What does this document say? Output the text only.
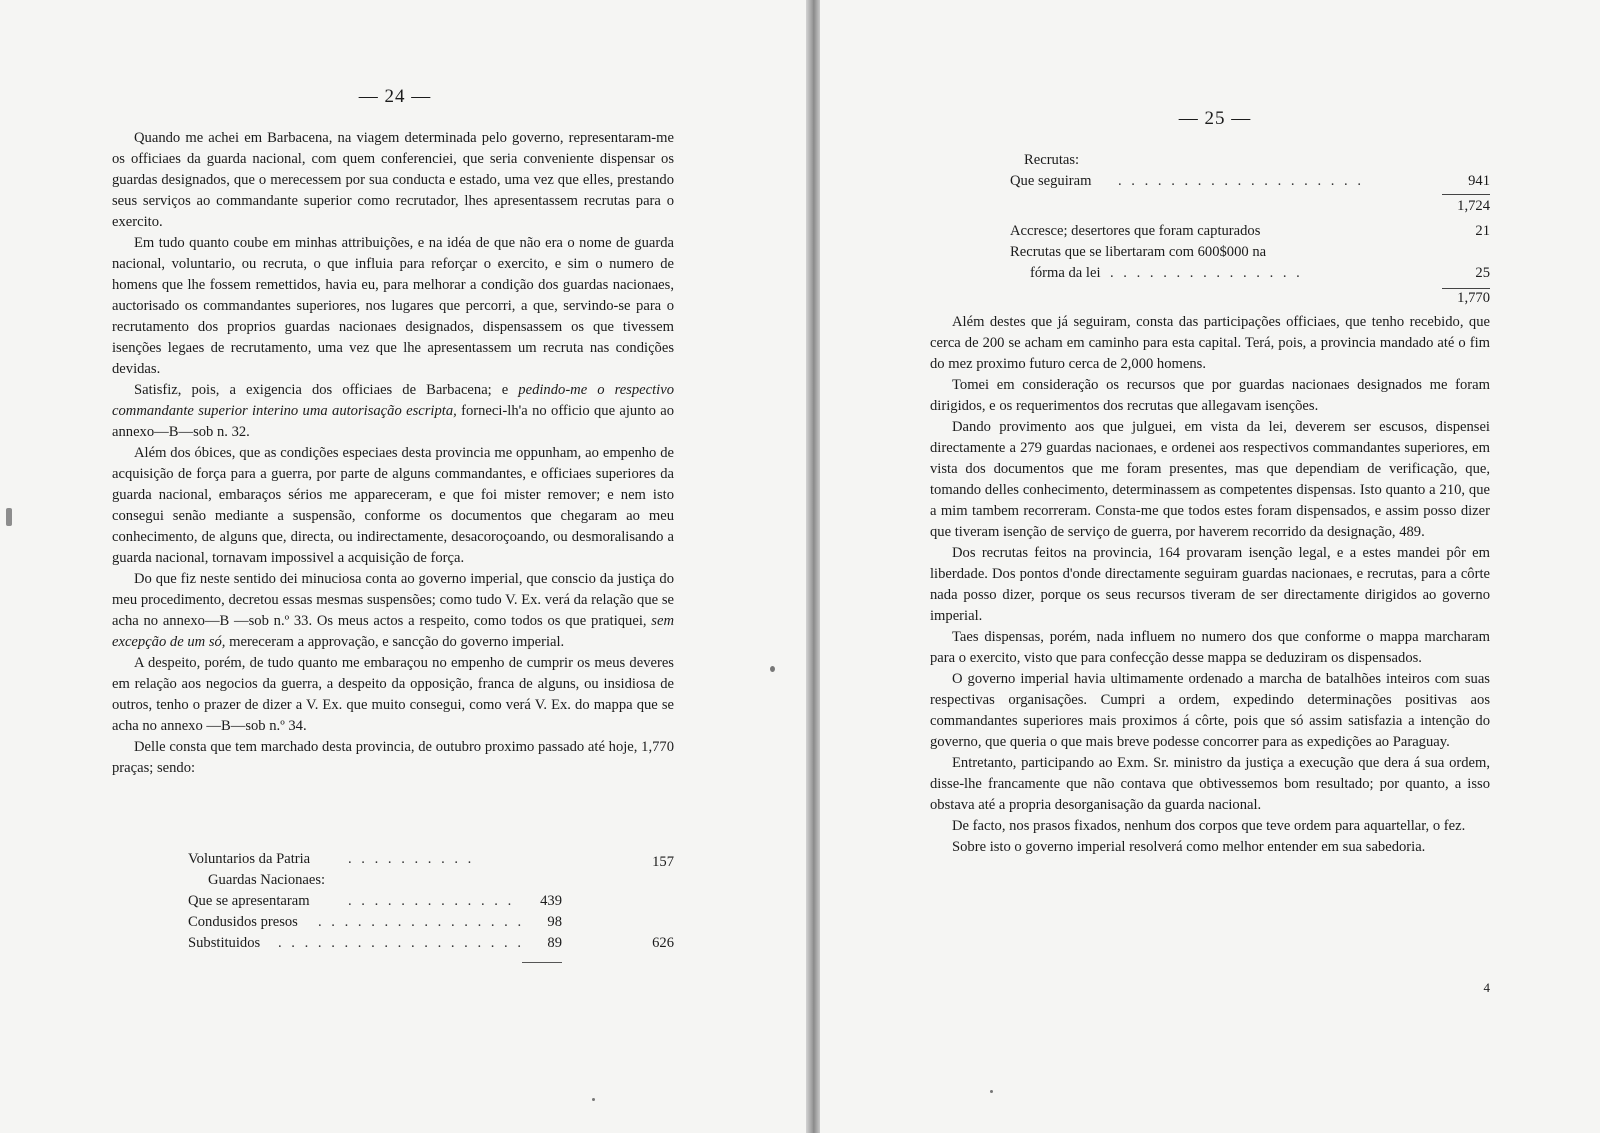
— 24 —

Quando me achei em Barbacena, na viagem determinada pelo governo, representaram-me os officiaes da guarda nacional, com quem conferenciei, que seria conveniente dispensar os guardas designados, que o merecessem por sua conducta e estado, uma vez que elles, prestando seus serviços ao commandante superior como recrutador, lhes apresentassem recrutas para o exercito.

Em tudo quanto coube em minhas attribuições, e na idéa de que não era o nome de guarda nacional, voluntario, ou recruta, o que influia para reforçar o exercito, e sim o numero de homens que lhe fossem remettidos, havia eu, para melhorar a condição dos guardas nacionaes, auctorisado os commandantes superiores, nos lugares que percorri, a que, servindo-se para o recrutamento dos proprios guardas nacionaes designados, dispensassem os que tivessem isenções legaes de recrutamento, uma vez que lhe apresentassem um recruta nas condições devidas.

Satisfiz, pois, a exigencia dos officiaes de Barbacena; e pedindo-me o respectivo commandante superior interino uma autorisação escripta, forneci-lh'a no officio que ajunto ao annexo—B—sob n. 32.

Além dos óbices, que as condições especiaes desta provincia me oppunham, ao empenho de acquisição de força para a guerra, por parte de alguns commandantes, e officiaes superiores da guarda nacional, embaraços sérios me appareceram, e que foi mister remover; e nem isto consegui senão mediante a suspensão, conforme os documentos que chegaram ao meu conhecimento, de alguns que, directa, ou indirectamente, desacoroçoando, ou desmoralisando a guarda nacional, tornavam impossivel a acquisição de força.

Do que fiz neste sentido dei minuciosa conta ao governo imperial, que conscio da justiça do meu procedimento, decretou essas mesmas suspensões; como tudo V. Ex. verá da relação que se acha no annexo—B —sob n.º 33. Os meus actos a respeito, como todos os que pratiquei, sem excepção de um só, mereceram a approvação, e sancção do governo imperial.

A despeito, porém, de tudo quanto me embaraçou no empenho de cumprir os meus deveres em relação aos negocios da guerra, a despeito da opposição, franca de alguns, ou insidiosa de outros, tenho o prazer de dizer a V. Ex. que muito consegui, como verá V. Ex. do mappa que se acha no annexo —B—sob n.º 34.

Delle consta que tem marchado desta provincia, de outubro proximo passado até hoje, 1,770 praças; sendo:

Voluntarios da Patria	. . . . . . . . . .	157
Guardas Nacionaes:
Que se apresentaram	. . . . . . . . . . . . . 439
Condusidos presos . . . . . . . . . . . . . . . . 98
Substituidos . . . . . . . . . . . . . . . . . . . 89	626
— 25 —
Recrutas:
Que seguiram . . . . . . . . . . . . . . . . . . .	941
1,724
Accresce; desertores que foram capturados	21
Recrutas que se libertaram com 600$000 na
fórma da lei . . . . . . . . . . . . . . .	25
1,770

Além destes que já seguiram, consta das participações officiaes, que tenho recebido, que cerca de 200 se acham em caminho para esta capital. Terá, pois, a provincia mandado até o fim do mez proximo futuro cerca de 2,000 homens.

Tomei em consideração os recursos que por guardas nacionaes designados me foram dirigidos, e os requerimentos dos recrutas que allegavam isenções.

Dando provimento aos que julguei, em vista da lei, deverem ser escusos, dispensei directamente a 279 guardas nacionaes, e ordenei aos respectivos commandantes superiores, em vista dos documentos que me foram presentes, mas que dependiam de verificação, que, tomando delles conhecimento, determinassem as competentes dispensas. Isto quanto a 210, que a mim tambem recorreram. Consta-me que todos estes foram dispensados, e assim posso dizer que tiveram isenção de serviço de guerra, por haverem recorrido da designação, 489.

Dos recrutas feitos na provincia, 164 provaram isenção legal, e a estes mandei pôr em liberdade. Dos pontos d'onde directamente seguiram guardas nacionaes, e recrutas, para a côrte nada posso dizer, porque os seus recursos tiveram de ser directamente dirigidos ao governo imperial.

Taes dispensas, porém, nada influem no numero dos que conforme o mappa marcharam para o exercito, visto que para confecção desse mappa se deduziram os dispensados.

O governo imperial havia ultimamente ordenado a marcha de batalhões inteiros com suas respectivas organisações. Cumpri a ordem, expedindo determinações positivas aos commandantes superiores mais proximos á côrte, pois que só assim satisfazia a intenção do governo, que queria o que mais breve podesse concorrer para as expedições ao Paraguay.

Entretanto, participando ao Exm. Sr. ministro da justiça a execução que dera á sua ordem, disse-lhe francamente que não contava que obtivessemos bom resultado; por quanto, a isso obstava até a propria desorganisação da guarda nacional.

De facto, nos prasos fixados, nenhum dos corpos que teve ordem para aquartellar, o fez.

Sobre isto o governo imperial resolverá como melhor entender em sua sabedoria.

4
